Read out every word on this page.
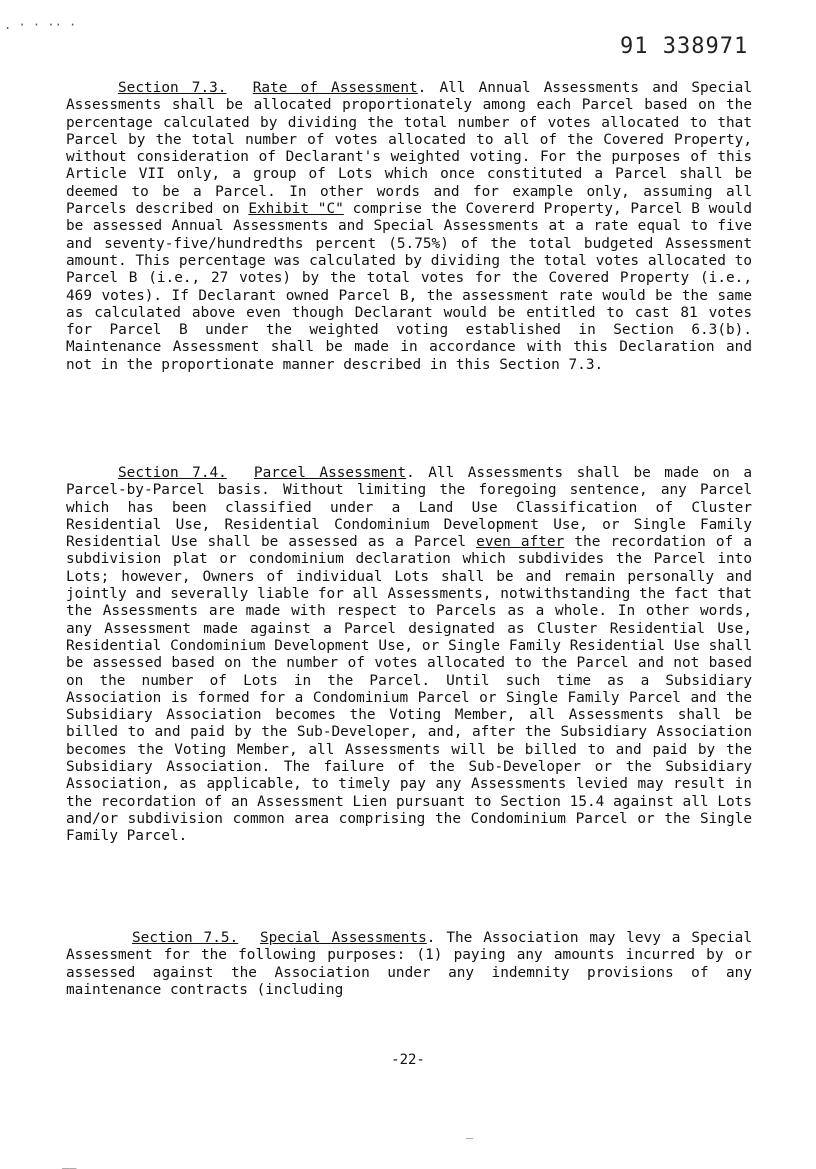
. · · ·· ·
91 338971

Section 7.3. Rate of Assessment. All Annual Assessments and Special Assessments shall be allocated proportionately among each Parcel based on the percentage calculated by dividing the total number of votes allocated to that Parcel by the total number of votes allocated to all of the Covered Property, without consideration of Declarant's weighted voting. For the purposes of this Article VII only, a group of Lots which once constituted a Parcel shall be deemed to be a Parcel. In other words and for example only, assuming all Parcels described on Exhibit "C" comprise the Covererd Property, Parcel B would be assessed Annual Assessments and Special Assessments at a rate equal to five and seventy-five/hundredths percent (5.75%) of the total budgeted Assessment amount. This percentage was calculated by dividing the total votes allocated to Parcel B (i.e., 27 votes) by the total votes for the Covered Property (i.e., 469 votes). If Declarant owned Parcel B, the assessment rate would be the same as calculated above even though Declarant would be entitled to cast 81 votes for Parcel B under the weighted voting established in Section 6.3(b). Maintenance Assessment shall be made in accordance with this Declaration and not in the proportionate manner described in this Section 7.3.

Section 7.4. Parcel Assessment. All Assessments shall be made on a Parcel-by-Parcel basis. Without limiting the foregoing sentence, any Parcel which has been classified under a Land Use Classification of Cluster Residential Use, Residential Condominium Development Use, or Single Family Residential Use shall be assessed as a Parcel even after the recordation of a subdivision plat or condominium declaration which subdivides the Parcel into Lots; however, Owners of individual Lots shall be and remain personally and jointly and severally liable for all Assessments, notwithstanding the fact that the Assessments are made with respect to Parcels as a whole. In other words, any Assessment made against a Parcel designated as Cluster Residential Use, Residential Condominium Development Use, or Single Family Residential Use shall be assessed based on the number of votes allocated to the Parcel and not based on the number of Lots in the Parcel. Until such time as a Subsidiary Association is formed for a Condominium Parcel or Single Family Parcel and the Subsidiary Association becomes the Voting Member, all Assessments shall be billed to and paid by the Sub-Developer, and, after the Subsidiary Association becomes the Voting Member, all Assessments will be billed to and paid by the Subsidiary Association. The failure of the Sub-Developer or the Subsidiary Association, as applicable, to timely pay any Assessments levied may result in the recordation of an Assessment Lien pursuant to Section 15.4 against all Lots and/or subdivision common area comprising the Condominium Parcel or the Single Family Parcel.

Section 7.5. Special Assessments. The Association may levy a Special Assessment for the following purposes: (1) paying any amounts incurred by or assessed against the Association under any indemnity provisions of any maintenance contracts (including

-22-
__
_
